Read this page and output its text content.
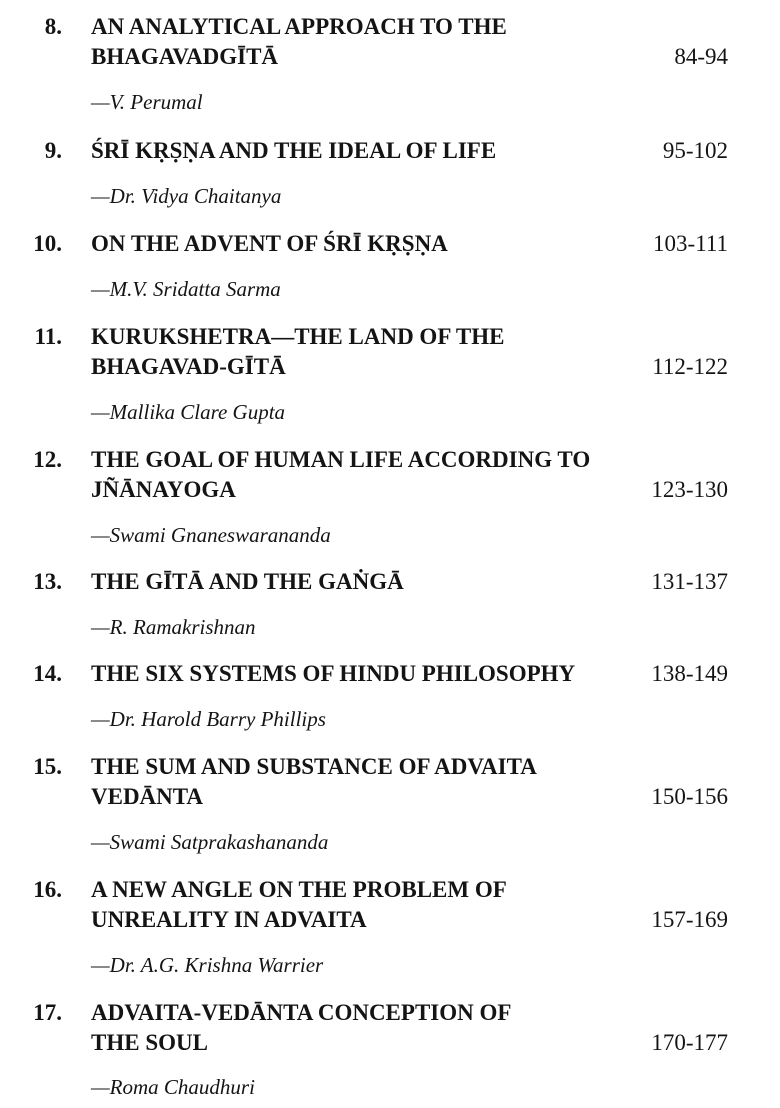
8. AN ANALYTICAL APPROACH TO THE
BHAGAVADGĪTĀ	84-94
—V. Perumal
9. ŚRĪ KṚṢṆA AND THE IDEAL OF LIFE	95-102
—Dr. Vidya Chaitanya
10. ON THE ADVENT OF ŚRĪ KṚṢṆA	103-111
—M.V. Sridatta Sarma
11. KURUKSHETRA—THE LAND OF THE
BHAGAVAD-GĪTĀ	112-122
—Mallika Clare Gupta
12. THE GOAL OF HUMAN LIFE ACCORDING TO
JÑĀNAYOGA	123-130
—Swami Gnaneswarananda
13. THE GĪTĀ AND THE GAṄGĀ	131-137
—R. Ramakrishnan
14. THE SIX SYSTEMS OF HINDU PHILOSOPHY	138-149
—Dr. Harold Barry Phillips
15. THE SUM AND SUBSTANCE OF ADVAITA
VEDĀNTA	150-156
—Swami Satprakashananda
16. A NEW ANGLE ON THE PROBLEM OF
UNREALITY IN ADVAITA	157-169
—Dr. A.G. Krishna Warrier
17. ADVAITA-VEDĀNTA CONCEPTION OF
THE SOUL	170-177
—Roma Chaudhuri
